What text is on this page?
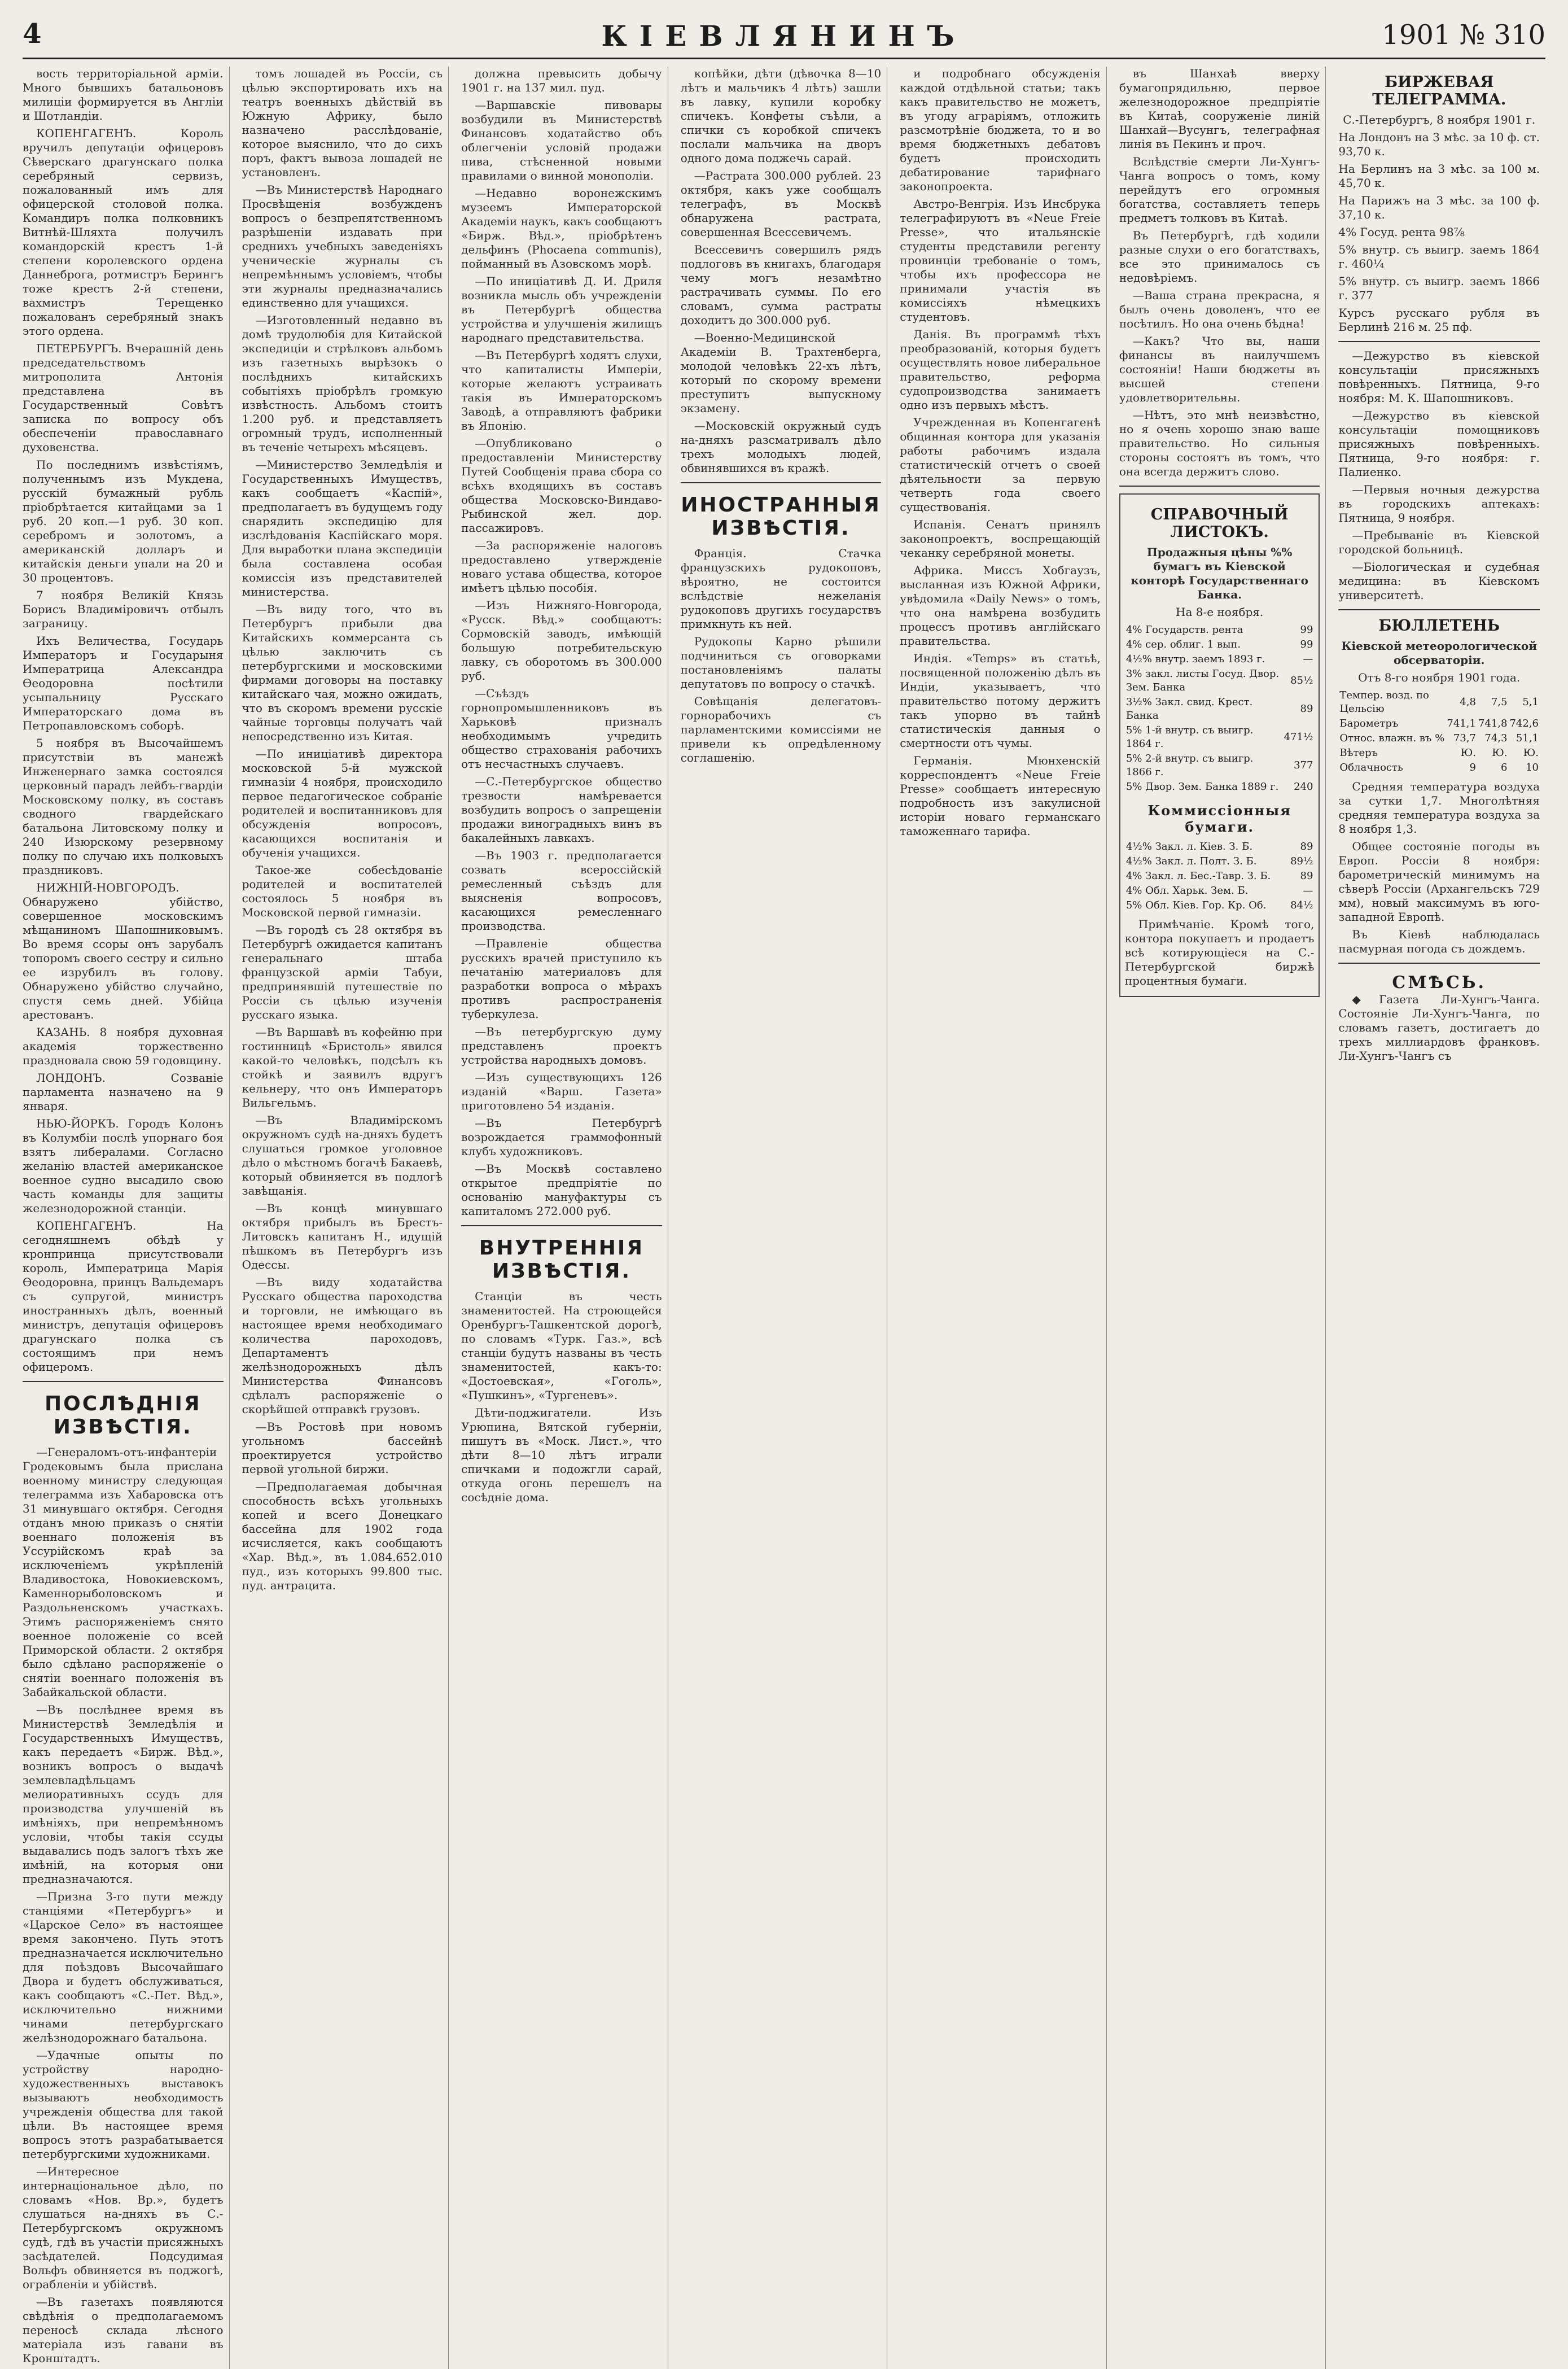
4	КІЕВЛЯНИНЪ	1901 № 310

вость территоріальной арміи. Много бывшихъ батальоновъ милиціи формируется въ Англіи и Шотландіи.

КОПЕНГАГЕНЪ. Король вручилъ депутаціи офицеровъ Сѣверскаго драгунскаго полка серебряный сервизъ, пожалованный имъ для офицерской столовой полка. Командиръ полка полковникъ Витнѣй-Шляхта получилъ командорскій крестъ 1-й степени королевского ордена Даннеброга, ротмистръ Берингъ тоже крестъ 2-й степени, вахмистръ Терещенко пожалованъ серебряный знакъ этого ордена.

ПЕТЕРБУРГЪ. Вчерашній день председательствомъ митрополита Антонія представлена въ Государственный Совѣтъ записка по вопросу объ обеспеченіи православнаго духовенства.

По последнимъ извѣстіямъ, полученнымъ изъ Мукдена, русскій бумажный рубль пріобрѣтается китайцами за 1 руб. 20 коп.—1 руб. 30 коп. серебромъ и золотомъ, а американскій долларъ и китайскія деньги упали на 20 и 30 процентовъ.

7 ноября Великій Князь Борисъ Владиміровичъ отбылъ заграницу.

Ихъ Величества, Государь Императоръ и Государыня Императрица Александра Ѳеодоровна посѣтили усыпальницу Русскаго Императорскаго дома въ Петропавловскомъ соборѣ.

5 ноября въ Высочайшемъ присутствіи въ манежѣ Инженернаго замка состоялся церковный парадъ лейбъ-гвардіи Московскому полку, въ составъ сводного гвардейскаго батальона Литовскому полку и 240 Изюрскому резервному полку по случаю ихъ полковыхъ праздниковъ.

НИЖНІЙ-НОВГОРОДЪ. Обнаружено убійство, совершенное московскимъ мѣщаниномъ Шапошниковымъ. Во время ссоры онъ зарубалъ топоромъ своего сестру и сильно ее изрубилъ въ голову. Обнаружено убійство случайно, спустя семь дней. Убійца арестованъ.

КАЗАНЬ. 8 ноября духовная академія торжественно праздновала свою 59 годовщину.

ЛОНДОНЪ. Созваніе парламента назначено на 9 января.

НЬЮ-ЙОРКЪ. Городъ Колонъ въ Колумбіи послѣ упорнаго боя взятъ либералами. Согласно желанію властей американское военное судно высадило свою часть команды для защиты железнодорожной станціи.

КОПЕНГАГЕНЪ. На сегодняшнемъ обѣдѣ у кронпринца присутствовали король, Императрица Марія Ѳеодоровна, принцъ Вальдемаръ съ супругой, министръ иностранныхъ дѣлъ, военный министръ, депутація офицеровъ драгунскаго полка съ состоящимъ при немъ офицеромъ.

ПОСЛѢДНІЯ ИЗВѢСТІЯ.

—Генераломъ-отъ-инфантеріи Гродековымъ была прислана военному министру следующая телеграмма изъ Хабаровска отъ 31 минувшаго октября. Сегодня отданъ мною приказъ о снятіи военнаго положенія въ Уссурійскомъ краѣ за исключеніемъ укрѣпленій Владивостока, Новокиевскомъ, Каменнорыболовскомъ и Раздольненскомъ участкахъ. Этимъ распоряженіемъ снято военное положеніе со всей Приморской области. 2 октября было сдѣлано распоряженіе о снятіи военнаго положенія въ Забайкальской области.

—Въ послѣднее время въ Министерствѣ Земледѣлія и Государственныхъ Имуществъ, какъ передаетъ «Бирж. Вѣд.», возникъ вопросъ о выдачѣ землевладѣльцамъ мелиоративныхъ ссудъ для производства улучшеній въ имѣніяхъ, при непремѣнномъ условіи, чтобы такія ссуды выдавались подъ залогъ тѣхъ же имѣній, на которыя они предназначаются.

—Призна 3-го пути между станціями «Петербургъ» и «Царское Село» въ настоящее время закончено. Путь этотъ предназначается исключительно для поѣздовъ Высочайшаго Двора и будетъ обслуживаться, какъ сообщаютъ «С.-Пет. Вѣд.», исключительно нижними чинами петербургскаго желѣзнодорожнаго батальона.

—Удачные опыты по устройству народно-художественныхъ выставокъ вызываютъ необходимость учрежденія общества для такой цѣли. Въ настоящее время вопросъ этотъ разрабатывается петербургскими художниками.

—Интересное интернаціональное дѣло, по словамъ «Нов. Вр.», будетъ слушаться на-дняхъ въ С.-Петербургскомъ окружномъ судѣ, гдѣ въ участіи присяжныхъ засѣдателей. Подсудимая Вольфъ обвиняется въ поджогѣ, ограбленіи и убійствѣ.

—Въ газетахъ появляются свѣдѣнія о предполагаемомъ переносѣ склада лѣсного матеріала изъ гавани въ Кронштадтъ.

томъ лошадей въ Россіи, съ цѣлью экспортировать ихъ на театръ военныхъ дѣйствій въ Южную Африку, было назначено расслѣдованіе, которое выяснило, что до сихъ поръ, фактъ вывоза лошадей не установленъ.

—Въ Министерствѣ Народнаго Просвѣщенія возбужденъ вопросъ о безпрепятственномъ разрѣшеніи издавать при среднихъ учебныхъ заведеніяхъ ученическіе журналы съ непремѣннымъ условіемъ, чтобы эти журналы предназначались единственно для учащихся.

—Изготовленный недавно въ домѣ трудолюбія для Китайской экспедиціи и стрѣлковъ альбомъ изъ газетныхъ вырѣзокъ о послѣднихъ китайскихъ событіяхъ пріобрѣлъ громкую извѣстность. Альбомъ стоитъ 1.200 руб. и представляетъ огромный трудъ, исполненный въ теченіе четырехъ мѣсяцевъ.

—Министерство Земледѣлія и Государственныхъ Имуществъ, какъ сообщаетъ «Каспій», предполагаетъ въ будущемъ году снарядить экспедицію для изслѣдованія Каспійскаго моря. Для выработки плана экспедиціи была составлена особая комиссія изъ представителей министерства.

—Въ виду того, что въ Петербургъ прибыли два Китайскихъ коммерсанта съ цѣлью заключить съ петербургскими и московскими фирмами договоры на поставку китайскаго чая, можно ожидать, что въ скоромъ времени русскіе чайные торговцы получатъ чай непосредственно изъ Китая.

—По иниціативѣ директора московской 5-й мужской гимназіи 4 ноября, происходило первое педагогическое собраніе родителей и воспитанниковъ для обсужденія вопросовъ, касающихся воспитанія и обученія учащихся.

Такое-же собесѣдованіе родителей и воспитателей состоялось 5 ноября въ Московской первой гимназіи.

—Въ городѣ съ 28 октября въ Петербургѣ ожидается капитанъ генеральнаго штаба французской арміи Табуи, предпринявшій путешествіе по Россіи съ цѣлью изученія русскаго языка.

—Въ Варшавѣ въ кофейню при гостинницѣ «Бристоль» явился какой-то человѣкъ, подсѣлъ къ стойкѣ и заявилъ вдругъ кельнеру, что онъ Императоръ Вильгельмъ.

—Въ Владимірскомъ окружномъ судѣ на-дняхъ будетъ слушаться громкое уголовное дѣло о мѣстномъ богачѣ Бакаевѣ, который обвиняется въ подлогѣ завѣщанія.

—Въ концѣ минувшаго октября прибылъ въ Брестъ-Литовскъ капитанъ Н., идущій пѣшкомъ въ Петербургъ изъ Одессы.

—Въ виду ходатайства Русскаго общества пароходства и торговли, не имѣющаго въ настоящее время необходимаго количества пароходовъ, Департаментъ желѣзнодорожныхъ дѣлъ Министерства Финансовъ сдѣлалъ распоряженіе о скорѣйшей отправкѣ грузовъ.

—Въ Ростовѣ при новомъ угольномъ бассейнѣ проектируется устройство первой угольной биржи.

—Предполагаемая добычная способность всѣхъ угольныхъ копей и всего Донецкаго бассейна для 1902 года исчисляется, какъ сообщаютъ «Хар. Вѣд.», въ 1.084.652.010 пуд., изъ которыхъ 99.800 тыс. пуд. антрацита.

должна превысить добычу 1901 г. на 137 мил. пуд.

—Варшавскіе пивовары возбудили въ Министерствѣ Финансовъ ходатайство объ облегченіи условій продажи пива, стѣсненной новыми правилами о винной монополіи.

—Недавно воронежскимъ музеемъ Императорской Академіи наукъ, какъ сообщаютъ «Бирж. Вѣд.», пріобрѣтенъ дельфинъ (Phocaena communis), пойманный въ Азовскомъ морѣ.

—По иниціативѣ Д. И. Дриля возникла мысль объ учрежденіи въ Петербургѣ общества устройства и улучшенія жилищъ народнаго представительства.

—Въ Петербургѣ ходятъ слухи, что капиталисты Имперіи, которые желаютъ устраивать такія въ Императорскомъ Заводѣ, а отправляютъ фабрики въ Японію.

—Опубликовано о предоставленіи Министерству Путей Сообщенія права сбора со всѣхъ входящихъ въ составъ общества Московско-Виндаво-Рыбинской жел. дор. пассажировъ.

—За распоряженіе налоговъ предоставлено утвержденіе новаго устава общества, которое имѣетъ цѣлью пособія.

—Изъ Нижняго-Новгорода, «Русск. Вѣд.» сообщаютъ: Сормовскій заводъ, имѣющій большую потребительскую лавку, съ оборотомъ въ 300.000 руб.

—Съѣздъ горнопромышленниковъ въ Харьковѣ призналъ необходимымъ учредить общество страхованія рабочихъ отъ несчастныхъ случаевъ.

—С.-Петербургское общество трезвости намѣревается возбудить вопросъ о запрещеніи продажи виноградныхъ винъ въ бакалейныхъ лавкахъ.

—Въ 1903 г. предполагается созвать всероссійскій ремесленный съѣздъ для выясненія вопросовъ, касающихся ремесленнаго производства.

—Правленіе общества русскихъ врачей приступило къ печатанію материаловъ для разработки вопроса о мѣрахъ противъ распространенія туберкулеза.

—Въ петербургскую думу представленъ проектъ устройства народныхъ домовъ.

—Изъ существующихъ 126 изданій «Варш. Газета» приготовлено 54 изданія.

—Въ Петербургѣ возрождается граммофонный клубъ художниковъ.

—Въ Москвѣ составлено открытое предпріятіе по основанію мануфактуры съ капиталомъ 272.000 руб.

ВНУТРЕННІЯ ИЗВѢСТІЯ.

Станціи въ честь знаменитостей. На строющейся Оренбургъ-Ташкентской дорогѣ, по словамъ «Турк. Газ.», всѣ станціи будутъ названы въ честь знаменитостей, какъ-то: «Достоевская», «Гоголь», «Пушкинъ», «Тургеневъ».

Дѣти-поджигатели. Изъ Урюпина, Вятской губерніи, пишутъ въ «Моск. Лист.», что дѣти 8—10 лѣтъ играли спичками и подожгли сарай, откуда огонь перешелъ на сосѣдніе дома.

копѣйки, дѣти (дѣвочка 8—10 лѣтъ и мальчикъ 4 лѣтъ) зашли въ лавку, купили коробку спичекъ. Конфеты съѣли, а спички съ коробкой спичекъ послали мальчика на дворъ одного дома поджечь сарай.

—Растрата 300.000 рублей. 23 октября, какъ уже сообщалъ телеграфъ, въ Москвѣ обнаружена растрата, совершенная Всессевичемъ.

Всессевичъ совершилъ рядъ подлоговъ въ книгахъ, благодаря чему могъ незамѣтно растрачивать суммы. По его словамъ, сумма растраты доходитъ до 300.000 руб.

—Военно-Медицинской Академіи В. Трахтенберга, молодой человѣкъ 22-хъ лѣтъ, который по скорому времени преступитъ выпускному экзамену.

—Московскій окружный судъ на-дняхъ разсматривалъ дѣло трехъ молодыхъ людей, обвинявшихся въ кражѣ.

ИНОСТРАННЫЯ ИЗВѢСТІЯ.

Франція. Стачка французскихъ рудокоповъ, вѣроятно, не состоится вслѣдствіе нежеланія рудокоповъ другихъ государствъ примкнуть къ ней.

Рудокопы Карно рѣшили подчиниться съ оговорками постановленіямъ палаты депутатовъ по вопросу о стачкѣ.

Совѣщанія делегатовъ-горнорабочихъ съ парламентскими комиссіями не привели къ опредѣленному соглашенію.

и подробнаго обсужденія каждой отдѣльной статьи; такъ какъ правительство не можетъ, въ угоду аграріямъ, отложить разсмотрѣніе бюджета, то и во время бюджетныхъ дебатовъ будетъ происходить дебатирование тарифнаго законопроекта.

Австро-Венгрія. Изъ Инсбрука телеграфируютъ въ «Neue Freie Presse», что итальянскіе студенты представили регенту провинціи требованіе о томъ, чтобы ихъ профессора не принимали участія въ комиссіяхъ нѣмецкихъ студентовъ.

Данія. Въ программѣ тѣхъ преобразованій, которыя будетъ осуществлять новое либеральное правительство, реформа судопроизводства занимаетъ одно изъ первыхъ мѣстъ.

Учрежденная въ Копенгагенѣ общинная контора для указанія работы рабочимъ издала статистическій отчетъ о своей дѣятельности за первую четверть года своего существованія.

Испанія. Сенатъ принялъ законопроектъ, воспрещающій чеканку серебряной монеты.

Африка. Миссъ Хобгаузъ, высланная изъ Южной Африки, увѣдомила «Daily News» о томъ, что она намѣрена возбудить процессъ противъ англійскаго правительства.

Индія. «Temps» въ статьѣ, посвященной положенію дѣлъ въ Индіи, указываетъ, что правительство потому держитъ такъ упорно въ тайнѣ статистическія данныя о смертности отъ чумы.

Германія. Мюнхенскій корреспондентъ «Neue Freie Presse» сообщаетъ интересную подробность изъ закулисной исторіи новаго германскаго таможеннаго тарифа.

въ Шанхаѣ вверху бумагопрядильню, первое железнодорожное предпріятіе въ Китаѣ, сооруженіе линій Шанхай—Вусунгъ, телеграфная линія въ Пекинъ и проч.

Вслѣдствіе смерти Ли-Хунгъ-Чанга вопросъ о томъ, кому перейдутъ его огромныя богатства, составляетъ теперь предметъ толковъ въ Китаѣ.

Въ Петербургѣ, гдѣ ходили разные слухи о его богатствахъ, все это принималось съ недовѣріемъ.

—Ваша страна прекрасна, я былъ очень доволенъ, что ее посѣтилъ. Но она очень бѣдна!

—Какъ? Что вы, наши финансы въ наилучшемъ состояніи! Наши бюджеты въ высшей степени удовлетворительны.

—Нѣтъ, это мнѣ неизвѣстно, но я очень хорошо знаю ваше правительство. Но сильныя стороны состоятъ въ томъ, что она всегда держитъ слово.

СПРАВОЧНЫЙ ЛИСТОКЪ.

Продажныя цѣны %% бумагъ въ Кіевской конторѣ Государственнаго Банка.

На 8-е ноября.

4% Государств. рента	99
4% сер. облиг. 1 вып.	99
4½% внутр. заемъ 1893 г.	—
3% закл. листы Госуд. Двор. Зем. Банка	85½
3½% Закл. свид. Крест. Банка	89
5% 1-й внутр. съ выигр. 1864 г.	471½
5% 2-й внутр. съ выигр. 1866 г.	377
5% Двор. Зем. Банка 1889 г.	240
Коммиссіонныя бумаги.
4½% Закл. л. Кіев. З. Б.	89
4½% Закл. л. Полт. З. Б.	89½
4% Закл. л. Бес.-Тавр. З. Б.	89
4% Обл. Харьк. Зем. Б.	—
5% Обл. Кіев. Гор. Кр. Об.	84½

Примѣчаніе. Кромѣ того, контора покупаетъ и продаетъ всѣ котирующіеся на С.-Петербургской биржѣ процентныя бумаги.

БИРЖЕВАЯ ТЕЛЕГРАММА.

С.-Петербургъ, 8 ноября 1901 г.

На Лондонъ на 3 мѣс. за 10 ф. ст. 93,70 к.

На Берлинъ на 3 мѣс. за 100 м. 45,70 к.

На Парижъ на 3 мѣс. за 100 ф. 37,10 к.

4% Госуд. рента 98⅞

5% внутр. съ выигр. заемъ 1864 г. 460¼

5% внутр. съ выигр. заемъ 1866 г. 377

Курсъ русскаго рубля въ Берлинѣ 216 м. 25 пф.

—Дежурство въ кіевской консультаціи присяжныхъ повѣренныхъ. Пятница, 9-го ноября: М. К. Шапошниковъ.

—Дежурство въ кіевской консультаціи помощниковъ присяжныхъ повѣренныхъ. Пятница, 9-го ноября: г. Палиенко.

—Первыя ночныя дежурства въ городскихъ аптекахъ: Пятница, 9 ноября.

—Пребываніе въ Кіевской городской больницѣ.

—Біологическая и судебная медицина: въ Кіевскомъ университетѣ.

БЮЛЛЕТЕНЬ

Кіевской метеорологической обсерваторіи.

Отъ 8-го ноября 1901 года.

Темпер. возд. по Цельсію	4,8	7,5	5,1
Барометръ	741,1	741,8	742,6
Относ. влажн. въ %	73,7	74,3	51,1
Вѣтеръ	Ю.	Ю.	Ю.
Облачность	9	6	10

Средняя температура воздуха за сутки 1,7. Многолѣтняя средняя температура воздуха за 8 ноября 1,3.

Общее состояніе погоды въ Европ. Россіи 8 ноября: барометрическій минимумъ на сѣверѣ Россіи (Архангельскъ 729 мм), новый максимумъ въ юго-западной Европѣ.

Въ Кіевѣ наблюдалась пасмурная погода съ дождемъ.

СМѢСЬ.

◆Газета Ли-Хунгъ-Чанга. Состояніе Ли-Хунгъ-Чанга, по словамъ газетъ, достигаетъ до трехъ миллиардовъ франковъ. Ли-Хунгъ-Чангъ съ
